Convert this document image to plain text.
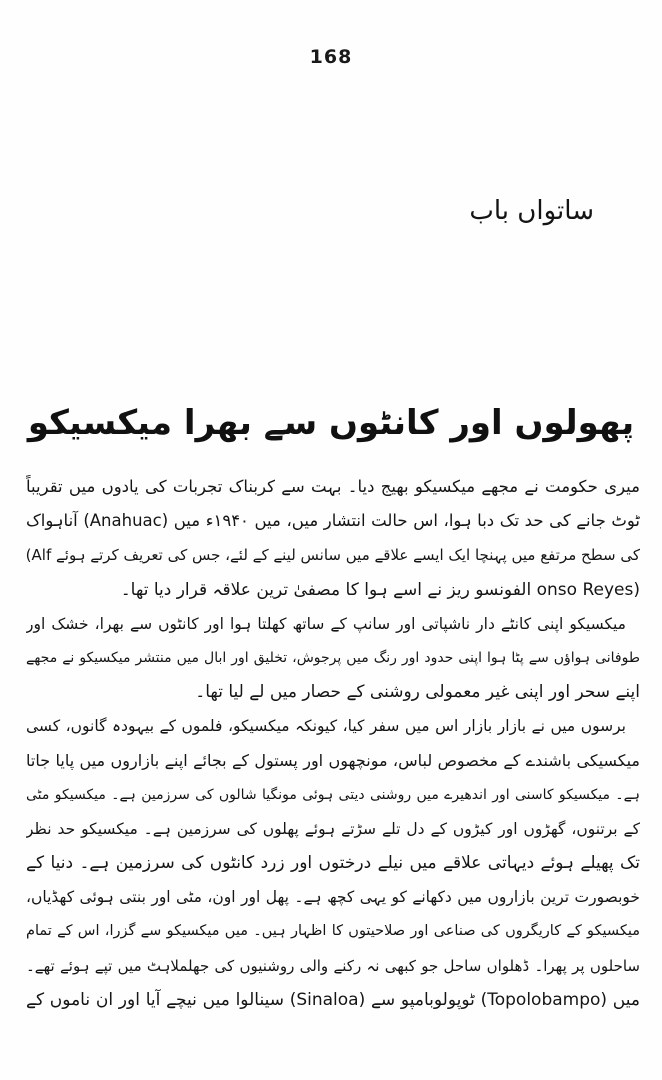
168
ساتواں باب
پھولوں اور کانٹوں سے بھرا میکسیکو
میری حکومت نے مجھے میکسیکو بھیج دیا۔ بہت سے کربناک تجربات کی یادوں میں تقریباً
ٹوٹ جانے کی حد تک دبا ہوا، اس حالت انتشار میں، میں ۱۹۴۰ء میں (Anahuac) آناہواک
کی سطح مرتفع میں پہنچا ایک ایسے علاقے میں سانس لینے کے لئے، جس کی تعریف کرتے ہوئے Alf)
(onso Reyes الفونسو ریز نے اسے ہوا کا مصفیٰ ترین علاقہ قرار دیا تھا۔
میکسیکو اپنی کانٹے دار ناشپاتی اور سانپ کے ساتھ کھلتا ہوا اور کانٹوں سے بھرا، خشک اور
طوفانی ہواؤں سے پٹا ہوا اپنی حدود اور رنگ میں پرجوش، تخلیق اور ابال میں منتشر میکسیکو نے مجھے
اپنے سحر اور اپنی غیر معمولی روشنی کے حصار میں لے لیا تھا۔
برسوں میں نے بازار بازار اس میں سفر کیا، کیونکہ میکسیکو، فلموں کے بیہودہ گانوں، کسی
میکسیکی باشندے کے مخصوص لباس، مونچھوں اور پستول کے بجائے اپنے بازاروں میں پایا جاتا
ہے۔ میکسیکو کاسنی اور اندھیرے میں روشنی دیتی ہوئی مونگیا شالوں کی سرزمین ہے۔ میکسیکو مٹی
کے برتنوں، گھڑوں اور کیڑوں کے دل تلے سڑتے ہوئے پھلوں کی سرزمین ہے۔ میکسیکو حد نظر
تک پھیلے ہوئے دیہاتی علاقے میں نیلے درختوں اور زرد کانٹوں کی سرزمین ہے۔ دنیا کے
خوبصورت ترین بازاروں میں دکھانے کو یہی کچھ ہے۔ پھل اور اون، مٹی اور بنتی ہوئی کھڈیاں،
میکسیکو کے کاریگروں کی صناعی اور صلاحیتوں کا اظہار ہیں۔ میں میکسیکو سے گزرا، اس کے تمام
ساحلوں پر پھرا۔ ڈھلواں ساحل جو کبھی نہ رکنے والی روشنیوں کی جھلملاہٹ میں تپے ہوئے تھے۔
میں (Topolobampo) ٹوپولوبامپو سے (Sinaloa) سینالوا میں نیچے آیا اور ان ناموں کے
